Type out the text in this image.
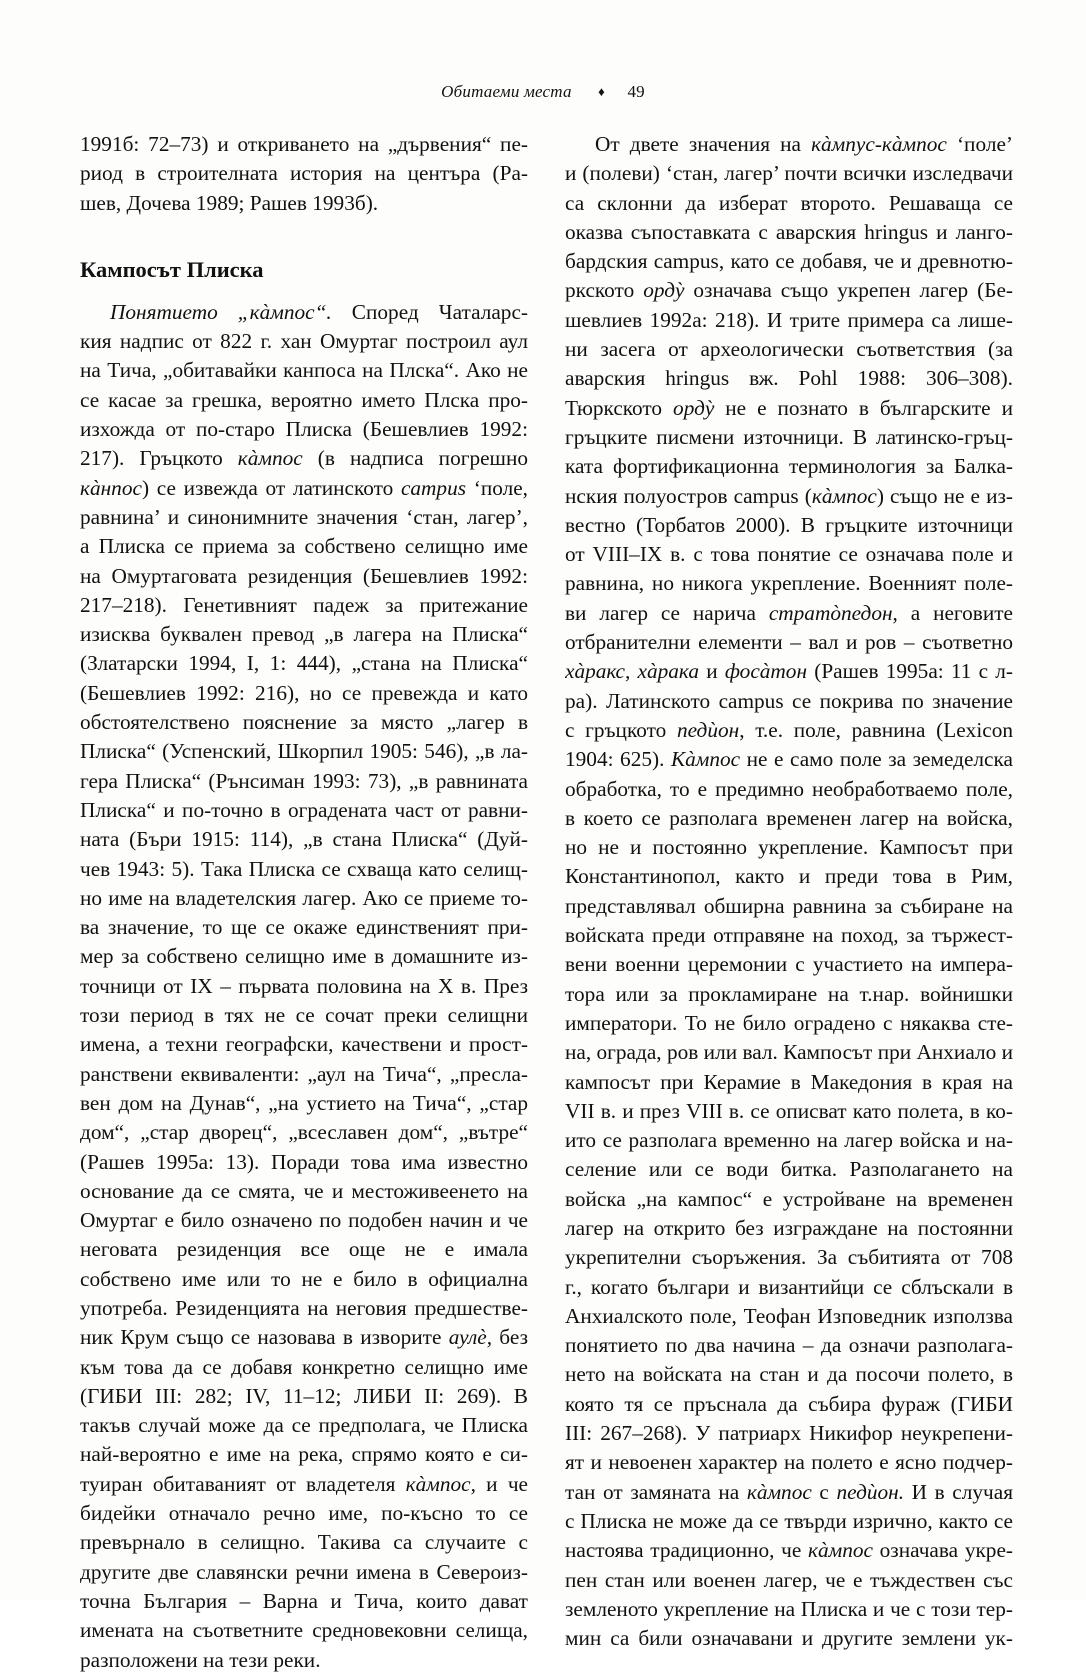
Обитаеми места ♦ 49
1991б: 72–73) и откриването на „дървения“ пе-
риод в строителната история на центъра (Ра-
шев, Дочева 1989; Рашев 1993б).
Кампосът Плиска
Понятието „кàмпос“. Според Чаталарс-
кия надпис от 822 г. хан Омуртаг построил аул
на Тича, „обитавайки канпоса на Плска“. Ако не
се касае за грешка, вероятно името Плска про-
изхожда от по-старо Плиска (Бешевлиев 1992:
217). Гръцкото кàмпос (в надписа погрешно
кàнпос) се извежда от латинското campus ‘поле,
равнина’ и синонимните значения ‘стан, лагер’,
а Плиска се приема за собствено селищно име
на Омуртаговата резиденция (Бешевлиев 1992:
217–218). Генетивният падеж за притежание
изисква буквален превод „в лагера на Плиска“
(Златарски 1994, I, 1: 444), „стана на Плиска“
(Бешевлиев 1992: 216), но се превежда и като
обстоятелствено пояснение за място „лагер в
Плиска“ (Успенский, Шкорпил 1905: 546), „в ла-
гера Плиска“ (Рънсиман 1993: 73), „в равнината
Плиска“ и по-точно в оградената част от равни-
ната (Бъри 1915: 114), „в стана Плиска“ (Дуй-
чев 1943: 5). Така Плиска се схваща като селищ-
но име на владетелския лагер. Ако се приеме то-
ва значение, то ще се окаже единственият при-
мер за собствено селищно име в домашните из-
точници от IX – първата половина на X в. През
този период в тях не се сочат преки селищни
имена, а техни географски, качествени и прост-
ранствени еквиваленти: „аул на Тича“, „пресла-
вен дом на Дунав“, „на устието на Тича“, „стар
дом“, „стар дворец“, „всеславен дом“, „вътре“
(Рашев 1995а: 13). Поради това има известно
основание да се смята, че и местоживеенето на
Омуртаг е било означено по подобен начин и че
неговата резиденция все още не е имала
собствено име или то не е било в официална
употреба. Резиденцията на неговия предшестве-
ник Крум също се назовава в изворите аулè, без
към това да се добавя конкретно селищно име
(ГИБИ III: 282; IV, 11–12; ЛИБИ II: 269). В
такъв случай може да се предполага, че Плиска
най-вероятно е име на река, спрямо която е си-
туиран обитаваният от владетеля кàмпос, и че
бидейки отначало речно име, по-късно то се
превърнало в селищно. Такива са случаите с
другите две славянски речни имена в Североиз-
точна България – Варна и Тича, които дават
имената на съответните средновековни селища,
разположени на тези реки.
От двете значения на кàмпус-кàмпос ‘поле’
и (полеви) ‘стан, лагер’ почти всички изследвачи
са склонни да изберат второто. Решаваща се
оказва съпоставката с аварския hringus и ланго-
бардския campus, като се добавя, че и древнотю-
ркското ордỳ означава също укрепен лагер (Бе-
шевлиев 1992а: 218). И трите примера са лише-
ни засега от археологически съответствия (за
аварския hringus вж. Pohl 1988: 306–308).
Тюркското ордỳ не е познато в българските и
гръцките писмени източници. В латинско-гръц-
ката фортификационна терминология за Балка-
нския полуостров campus (кàмпос) също не е из-
вестно (Торбатов 2000). В гръцките източници
от VIII–IX в. с това понятие се означава поле и
равнина, но никога укрепление. Военният поле-
ви лагер се нарича стратòпедон, а неговите
отбранителни елементи – вал и ров – съответно
хàракс, хàрака и фосàтон (Рашев 1995а: 11 с л-
ра). Латинското campus се покрива по значение
с гръцкото педѝон, т.е. поле, равнина (Lexicon
1904: 625). Кàмпос не е само поле за земеделска
обработка, то е предимно необработваемо поле,
в което се разполага временен лагер на войска,
но не и постоянно укрепление. Кампосът при
Константинопол, както и преди това в Рим,
представлявал обширна равнина за събиране на
войската преди отправяне на поход, за тържест-
вени военни церемонии с участието на импера-
тора или за прокламиране на т.нар. войнишки
императори. То не било оградено с някаква сте-
на, ограда, ров или вал. Кампосът при Анхиало и
кампосът при Керамие в Македония в края на
VII в. и през VIII в. се описват като полета, в ко-
ито се разполага временно на лагер войска и на-
селение или се води битка. Разполагането на
войска „на кампос“ е устройване на временен
лагер на открито без изграждане на постоянни
укрепителни съоръжения. За събитията от 708
г., когато българи и византийци се сблъскали в
Анхиалското поле, Теофан Изповедник използва
понятието по два начина – да означи разполага-
нето на войската на стан и да посочи полето, в
която тя се пръснала да събира фураж (ГИБИ
III: 267–268). У патриарх Никифор неукрепени-
ят и невоенен характер на полето е ясно подчер-
тан от замяната на кàмпос с педѝон. И в случая
с Плиска не може да се твърди изрично, както се
настоява традиционно, че кàмпос означава укре-
пен стан или военен лагер, че е тъждествен със
земленото укрепление на Плиска и че с този тер-
мин са били означавани и другите землени ук-
